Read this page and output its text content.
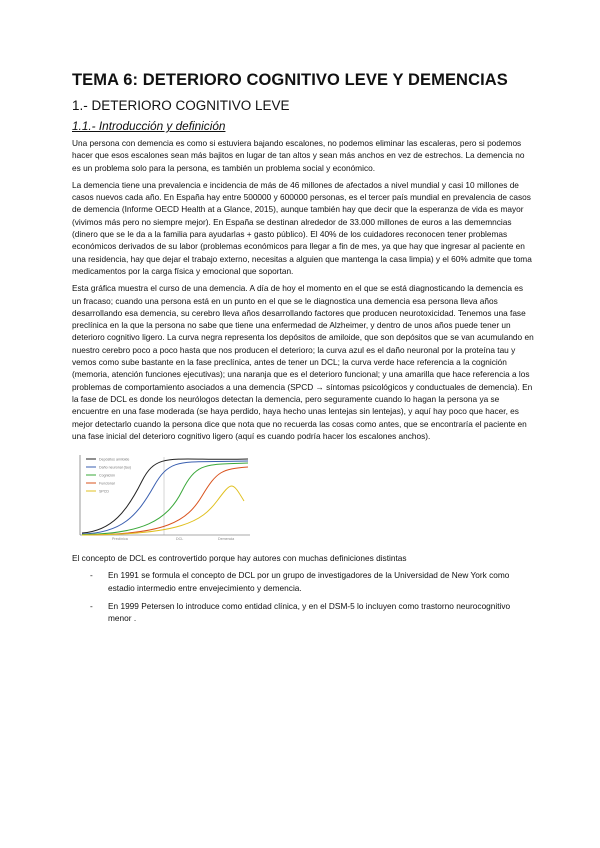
TEMA 6: DETERIORO COGNITIVO LEVE Y DEMENCIAS
1.- DETERIORO COGNITIVO LEVE
1.1.- Introducción y definición

Una persona con demencia es como si estuviera bajando escalones, no podemos eliminar las escaleras, pero si podemos hacer que esos escalones sean más bajitos en lugar de tan altos y sean más anchos en vez de estrechos. La demencia no es un problema solo para la persona, es también un problema social y económico.

La demencia tiene una prevalencia e incidencia de más de 46 millones de afectados a nivel mundial y casi 10 millones de casos nuevos cada año. En España hay entre 500000 y 600000 personas, es el tercer país mundial en prevalencia de casos de demencia (Informe OECD Health at a Glance, 2015), aunque también hay que decir que la esperanza de vida es mayor (vivimos más pero no siempre mejor). En España se destinan alrededor de 33.000 millones de euros a las dememncias (dinero que se le da a la familia para ayudarlas + gasto público). El 40% de los cuidadores reconocen tener problemas económicos derivados de su labor (problemas económicos para llegar a fin de mes, ya que hay que ingresar al paciente en una residencia, hay que dejar el trabajo externo, necesitas a alguien que mantenga la casa limpia) y el 60% admite que toma medicamentos por la carga física y emocional que soportan.

Esta gráfica muestra el curso de una demencia. A día de hoy el momento en el que se está diagnosticando la demencia es un fracaso; cuando una persona está en un punto en el que se le diagnostica una demencia esa persona lleva años desarrollando esa demencia, su cerebro lleva años desarrollando factores que producen neurotoxicidad. Tenemos una fase preclínica en la que la persona no sabe que tiene una enfermedad de Alzheimer, y dentro de unos años puede tener un deterioro cognitivo ligero. La curva negra representa los depósitos de amiloide, que son depósitos que se van acumulando en nuestro cerebro poco a poco hasta que nos producen el deterioro; la curva azul es el daño neuronal por la proteína tau y vemos como sube bastante en la fase preclínica, antes de tener un DCL; la curva verde hace referencia a la cognición (memoria, atención funciones ejecutivas); una naranja que es el deterioro funcional; y una amarilla que hace referencia a los problemas de comportamiento asociados a una demencia (SPCD → síntomas psicológicos y conductuales de demencia). En la fase de DCL es donde los neurólogos detectan la demencia, pero seguramente cuando lo hagan la persona ya se encuentre en una fase moderada (se haya perdido, haya hecho unas lentejas sin lentejas), y aquí hay poco que hacer, es mejor detectarlo cuando la persona dice que nota que no recuerda las cosas como antes, que se encontraría el paciente en una fase inicial del deterioro cognitivo ligero (aquí es cuando podría hacer los escalones anchos).

Depósitos amiloide
Daño neuronal (tau)
Cognición
Funcional
SPCD
Preclínica	DCL	Demencia

El concepto de DCL es controvertido porque hay autores con muchas definiciones distintas

- En 1991 se formula el concepto de DCL por un grupo de investigadores de la Universidad de New York como estadio intermedio entre envejecimiento y demencia.
- En 1999 Petersen lo introduce como entidad clínica, y en el DSM-5 lo incluyen como trastorno neurocognitivo menor .
